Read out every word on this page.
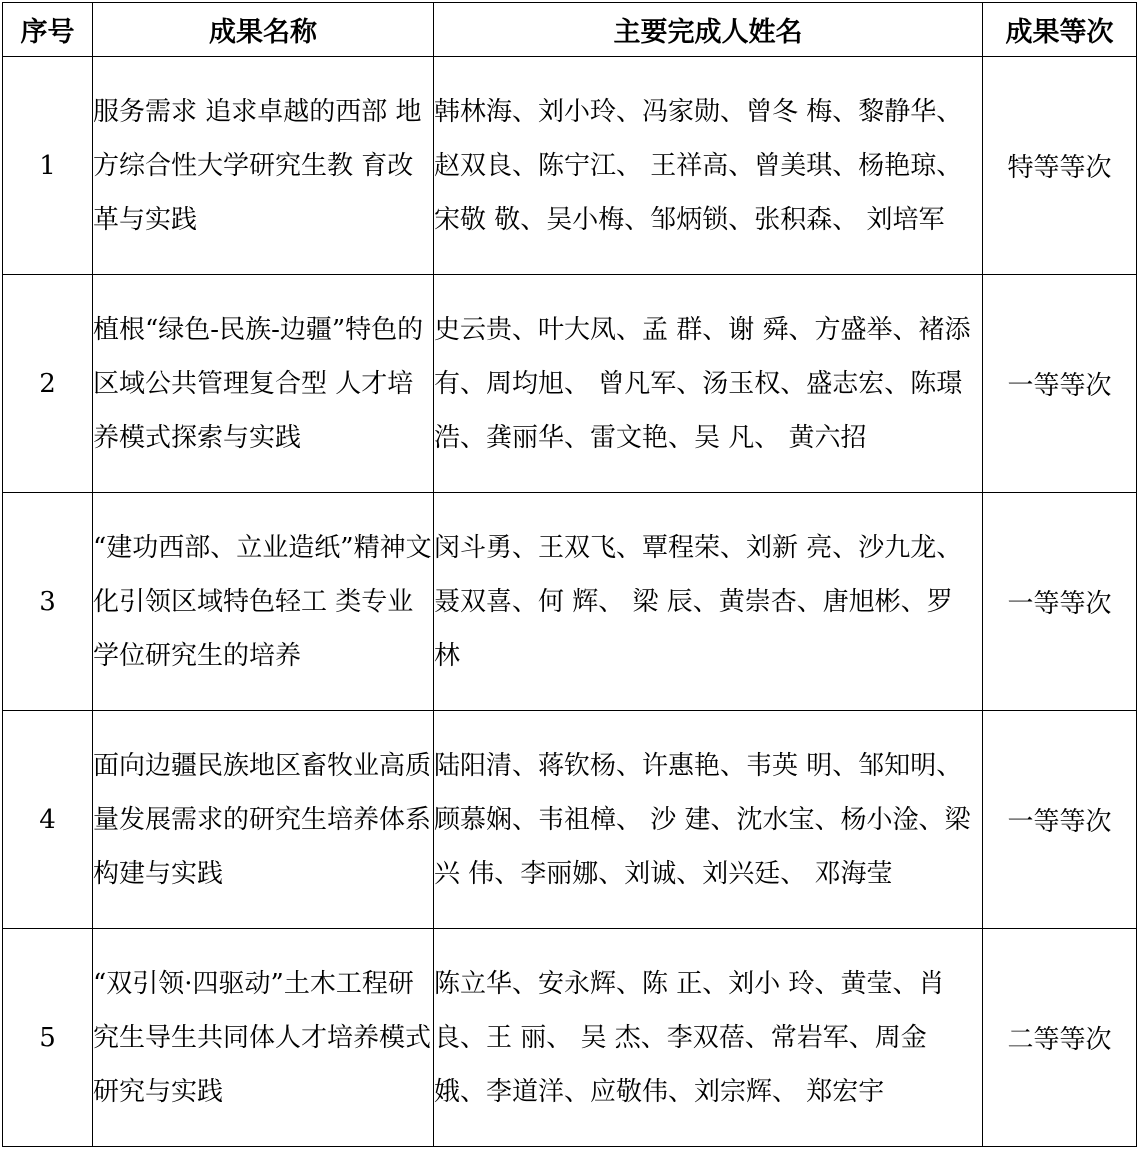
序号	成果名称	主要完成人姓名	成果等次
1	服务需求 追求卓越的西部 地方综合性大学研究生教 育改革与实践	韩林海、刘小玲、冯家勋、曾冬 梅、黎静华、赵双良、陈宁江、 王祥高、曾美琪、杨艳琼、宋敬 敬、吴小梅、邹炳锁、张积森、 刘培军	特等等次
2	植根“绿色-民族-边疆”特色的区域公共管理复合型 人才培养模式探索与实践	史云贵、叶大凤、孟 群、谢 舜、方盛举、褚添有、周均旭、 曾凡军、汤玉权、盛志宏、陈璟 浩、龚丽华、雷文艳、吴 凡、 黄六招	一等等次
3	“建功西部、立业造纸”精神文化引领区域特色轻工 类专业学位研究生的培养	闵斗勇、王双飞、覃程荣、刘新 亮、沙九龙、聂双喜、何 辉、 梁 辰、黄崇杏、唐旭彬、罗 林	一等等次
4	面向边疆民族地区畜牧业高质量发展需求的研究生培养体系构建与实践	陆阳清、蒋钦杨、许惠艳、韦英 明、邹知明、顾慕娴、韦祖樟、 沙 建、沈水宝、杨小淦、梁兴 伟、李丽娜、刘诚、刘兴廷、 邓海莹	一等等次
5	“双引领·四驱动”土木工程研究生导生共同体人才培养模式研究与实践	陈立华、安永辉、陈 正、刘小 玲、黄莹、肖 良、王 丽、 吴 杰、李双蓓、常岩军、周金 娥、李道洋、应敬伟、刘宗辉、 郑宏宇	二等等次
